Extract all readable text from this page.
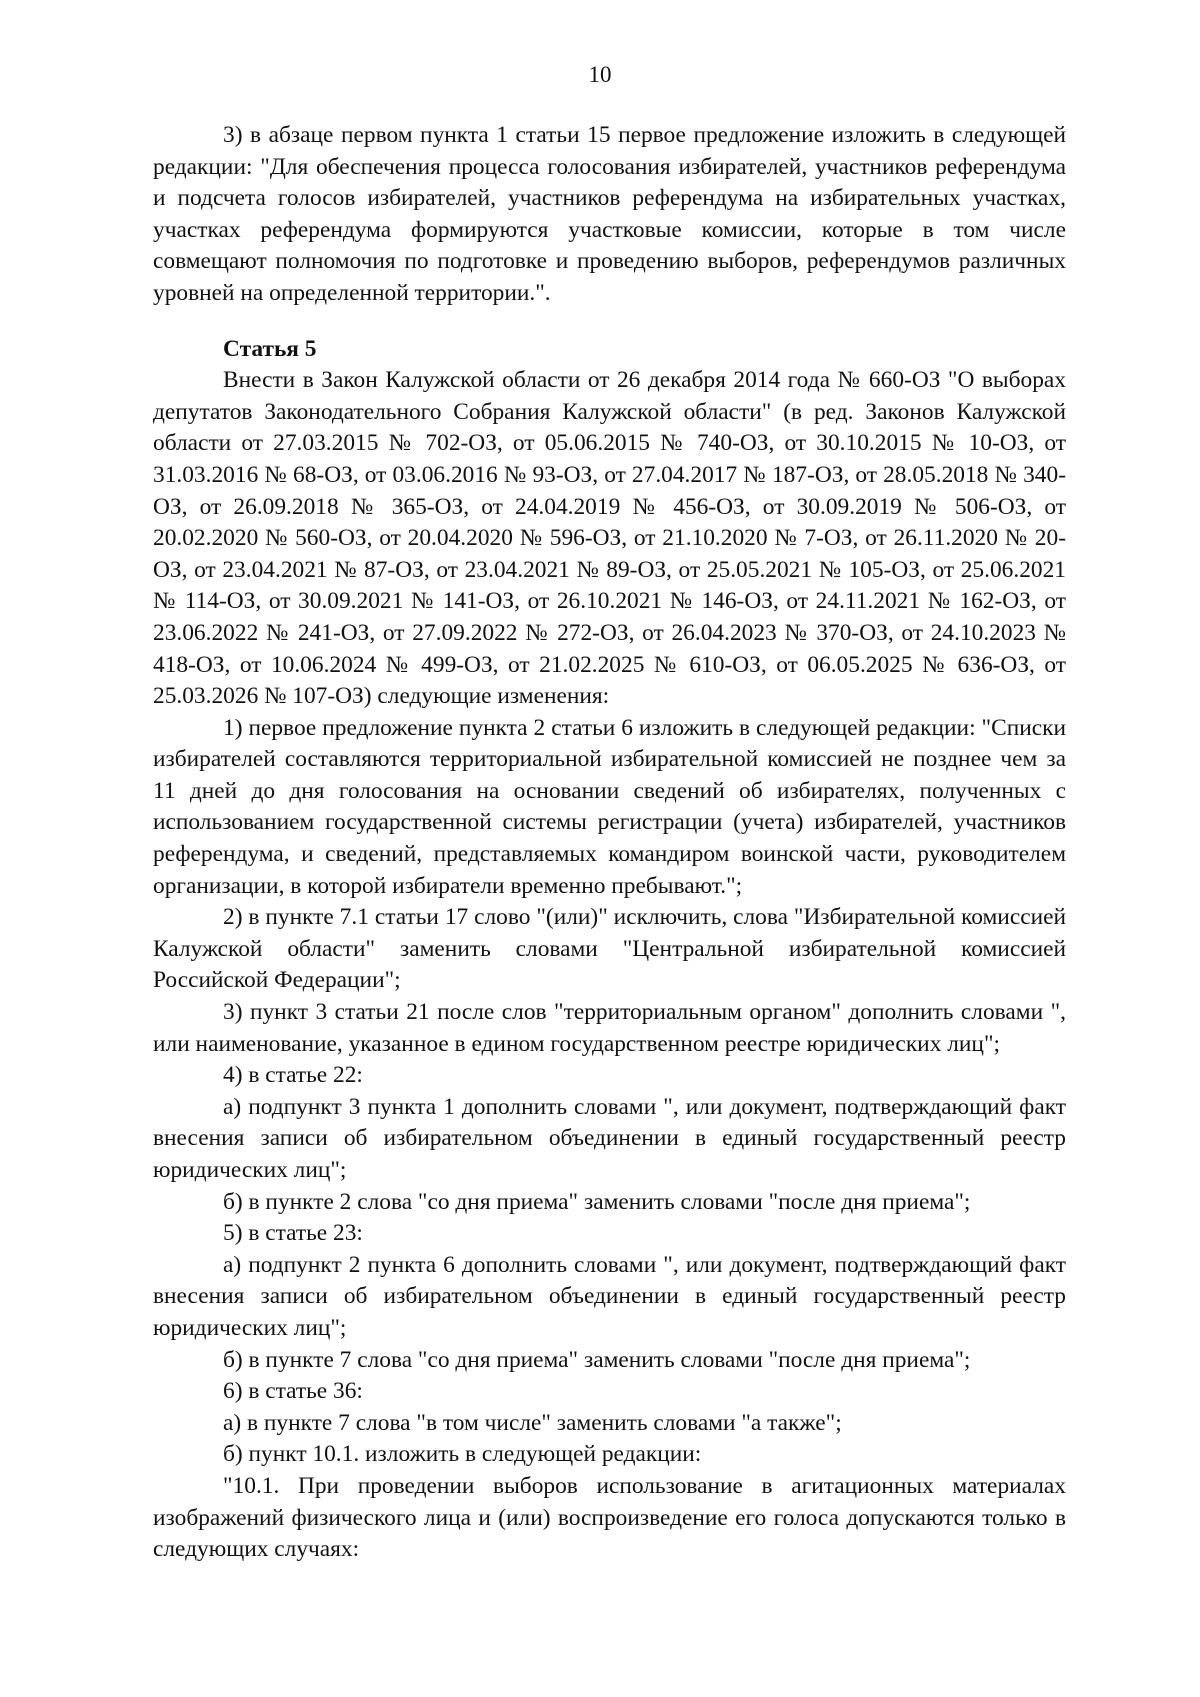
10

3) в абзаце первом пункта 1 статьи 15 первое предложение изложить в следующей редакции: "Для обеспечения процесса голосования избирателей, участников референдума и подсчета голосов избирателей, участников референдума на избирательных участках, участках референдума формируются участковые комиссии, которые в том числе совмещают полномочия по подготовке и проведению выборов, референдумов различных уровней на определенной территории.".

Статья 5

Внести в Закон Калужской области от 26 декабря 2014 года № 660-ОЗ "О выборах депутатов Законодательного Собрания Калужской области" (в ред. Законов Калужской области от 27.03.2015 № 702-ОЗ, от 05.06.2015 № 740-ОЗ, от 30.10.2015 № 10-ОЗ, от 31.03.2016 № 68-ОЗ, от 03.06.2016 № 93-ОЗ, от 27.04.2017 № 187-ОЗ, от 28.05.2018 № 340-ОЗ, от 26.09.2018 № 365-ОЗ, от 24.04.2019 № 456-ОЗ, от 30.09.2019 № 506-ОЗ, от 20.02.2020 № 560-ОЗ, от 20.04.2020 № 596-ОЗ, от 21.10.2020 № 7-ОЗ, от 26.11.2020 № 20-ОЗ, от 23.04.2021 № 87-ОЗ, от 23.04.2021 № 89-ОЗ, от 25.05.2021 № 105-ОЗ, от 25.06.2021 № 114-ОЗ, от 30.09.2021 № 141-ОЗ, от 26.10.2021 № 146-ОЗ, от 24.11.2021 № 162-ОЗ, от 23.06.2022 № 241-ОЗ, от 27.09.2022 № 272-ОЗ, от 26.04.2023 № 370-ОЗ, от 24.10.2023 № 418-ОЗ, от 10.06.2024 № 499-ОЗ, от 21.02.2025 № 610-ОЗ, от 06.05.2025 № 636-ОЗ, от 25.03.2026 № 107-ОЗ) следующие изменения:

1) первое предложение пункта 2 статьи 6 изложить в следующей редакции: "Списки избирателей составляются территориальной избирательной комиссией не позднее чем за 11 дней до дня голосования на основании сведений об избирателях, полученных с использованием государственной системы регистрации (учета) избирателей, участников референдума, и сведений, представляемых командиром воинской части, руководителем организации, в которой избиратели временно пребывают.";

2) в пункте 7.1 статьи 17 слово "(или)" исключить, слова "Избирательной комиссией Калужской области" заменить словами "Центральной избирательной комиссией Российской Федерации";

3) пункт 3 статьи 21 после слов "территориальным органом" дополнить словами ", или наименование, указанное в едином государственном реестре юридических лиц";

4) в статье 22:

а) подпункт 3 пункта 1 дополнить словами ", или документ, подтверждающий факт внесения записи об избирательном объединении в единый государственный реестр юридических лиц";

б) в пункте 2 слова "со дня приема" заменить словами "после дня приема";

5) в статье 23:

а) подпункт 2 пункта 6 дополнить словами ", или документ, подтверждающий факт внесения записи об избирательном объединении в единый государственный реестр юридических лиц";

б) в пункте 7 слова "со дня приема" заменить словами "после дня приема";

6) в статье 36:

а) в пункте 7 слова "в том числе" заменить словами "а также";

б) пункт 10.1. изложить в следующей редакции:

"10.1. При проведении выборов использование в агитационных материалах изображений физического лица и (или) воспроизведение его голоса допускаются только в следующих случаях:
